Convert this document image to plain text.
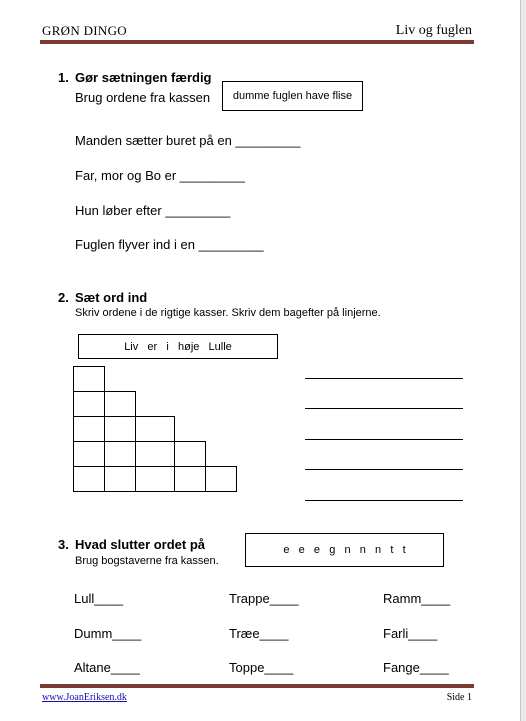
GRØN DINGO	Liv og fuglen
1. Gør sætningen færdig
Brug ordene fra kassen dumme fuglen have flise
Manden sætter buret på en _________
Far, mor og Bo er _________
Hun løber efter _________
Fuglen flyver ind i en _________
2. Sæt ord ind
Skriv ordene i de rigtige kasser. Skriv dem bagefter på linjerne.
Liv   er   i   høje   Lulle
3. Hvad slutter ordet på
Brug bogstaverne fra kassen.
e   e   e   g   n   n   n   t   t
Lull____	Trappe____	Ramm____
Dumm____	Træe____	Farli____
Altane____	Toppe____	Fange____
www.JoanEriksen.dk	Side 1
